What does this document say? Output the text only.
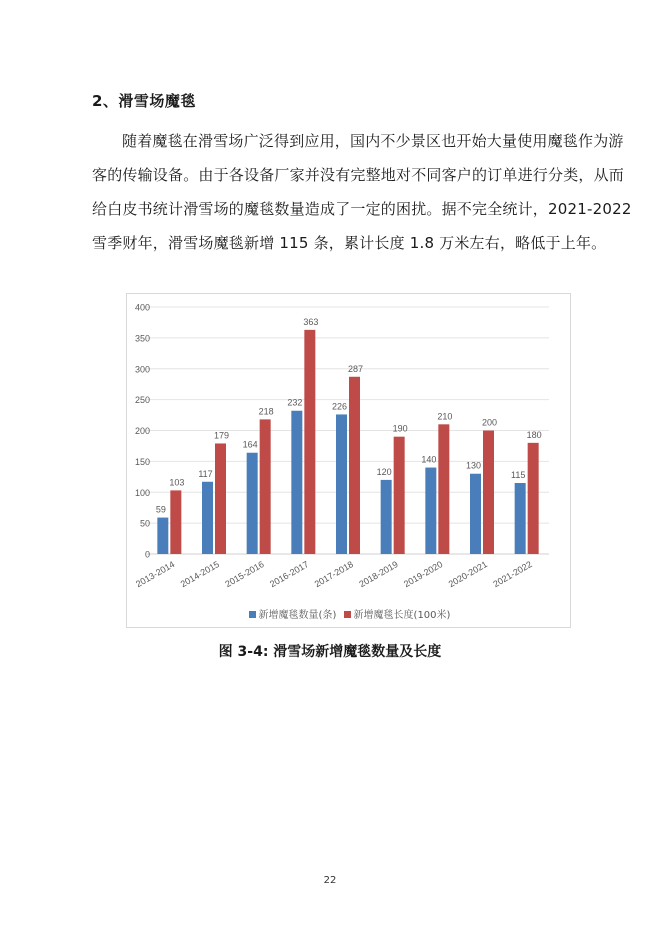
2、滑雪场魔毯
随着魔毯在滑雪场广泛得到应用，国内不少景区也开始大量使用魔毯作为游
客的传输设备。由于各设备厂家并没有完整地对不同客户的订单进行分类，从而
给白皮书统计滑雪场的魔毯数量造成了一定的困扰。据不完全统计，2021-2022
雪季财年，滑雪场魔毯新增 115 条，累计长度 1.8 万米左右，略低于上年。
0
50
100
150
200
250
300
350
400
59
103
2013-2014
117
179
2014-2015
164
218
2015-2016
232
363
2016-2017
226
287
2017-2018
120
190
2018-2019
140
210
2019-2020
130
200
2020-2021
115
180
2021-2022
新增魔毯数量(条) 新增魔毯长度(100米)
图 3-4: 滑雪场新增魔毯数量及长度
22
